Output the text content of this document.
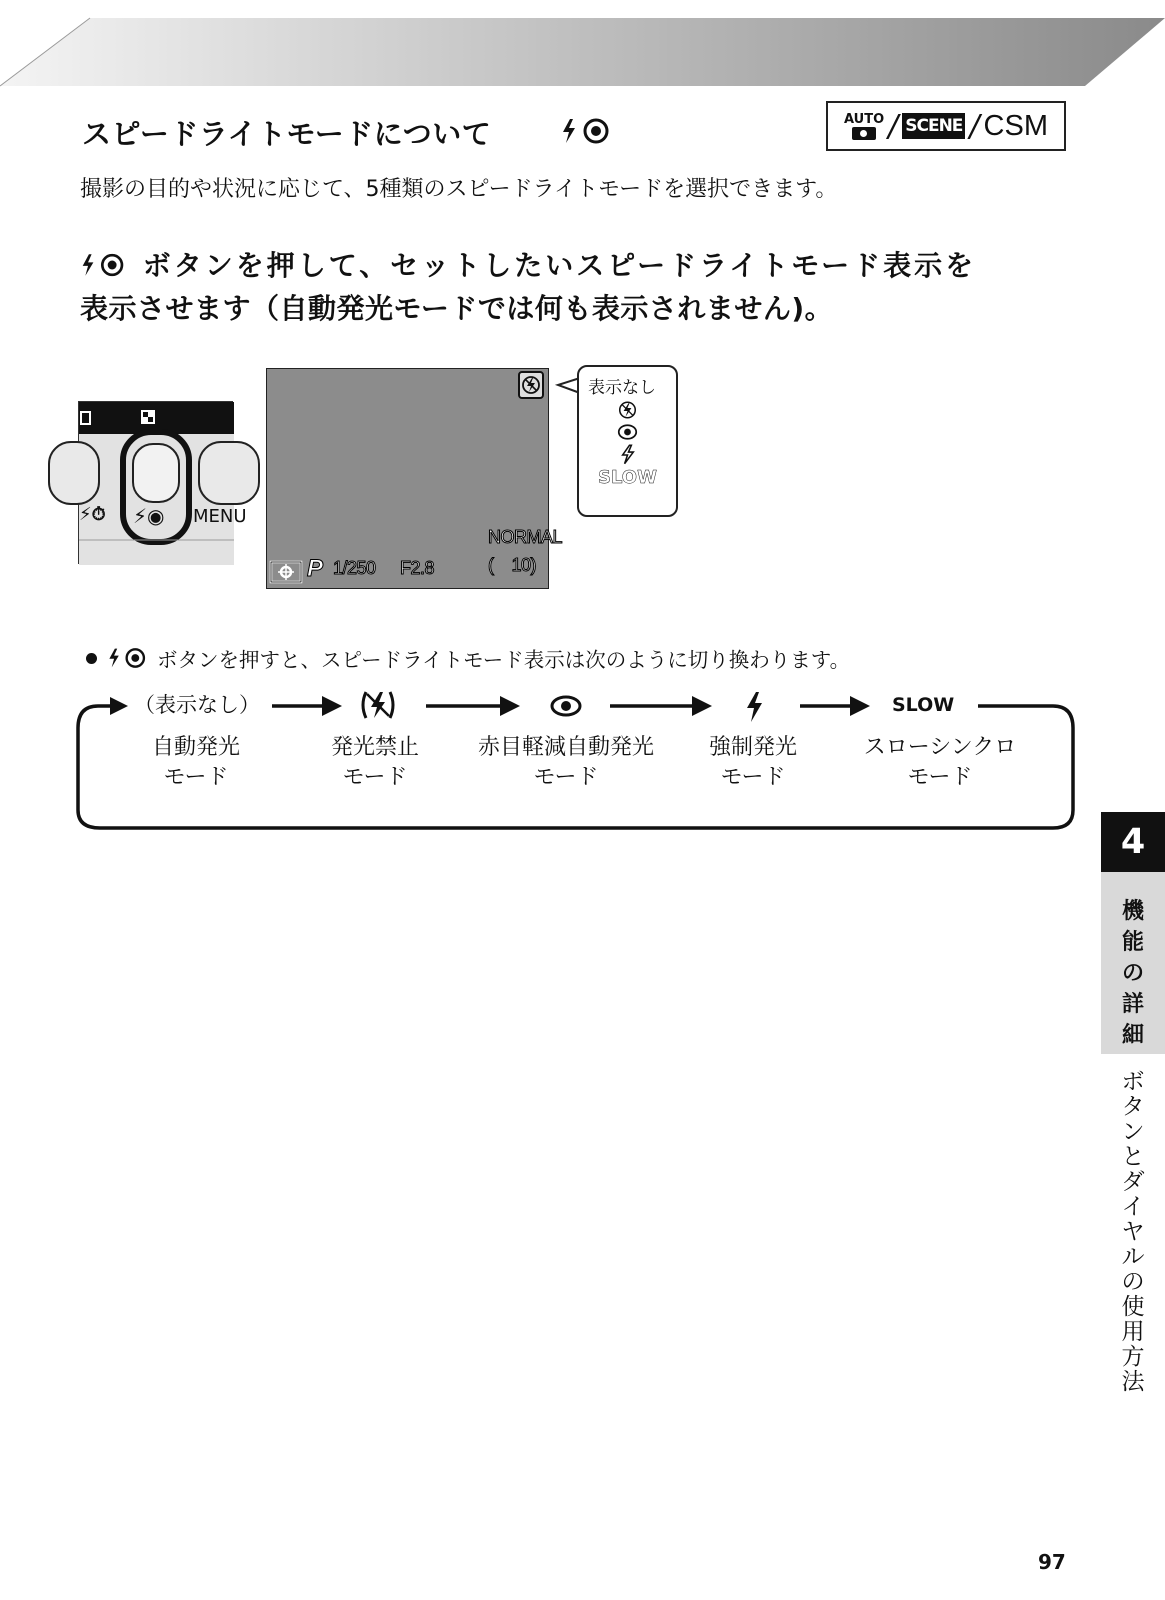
スピードライトモードについて	AUTO / SCENE / CSM
撮影の目的や状況に応じて、5種類のスピードライトモードを選択できます。
ボタンを押して、セットしたいスピードライトモード表示を
表示させます（自動発光モードでは何も表示されません)。
⚡⏱ ⚡◉ MENU
NORMAL
(    10)
P 1/250 F2.8
表示なし
SLOW
ボタンを押すと、スピードライトモード表示は次のように切り換わります。
（表示なし）	SLOW
自動発光
モード
発光禁止
モード
赤目軽減自動発光
モード
強制発光
モード
スローシンクロ
モード
4
機
能
の
詳
細
ボ
タ
ン
と
ダ
イ
ヤ
ル
の
使
用
方
法
97
